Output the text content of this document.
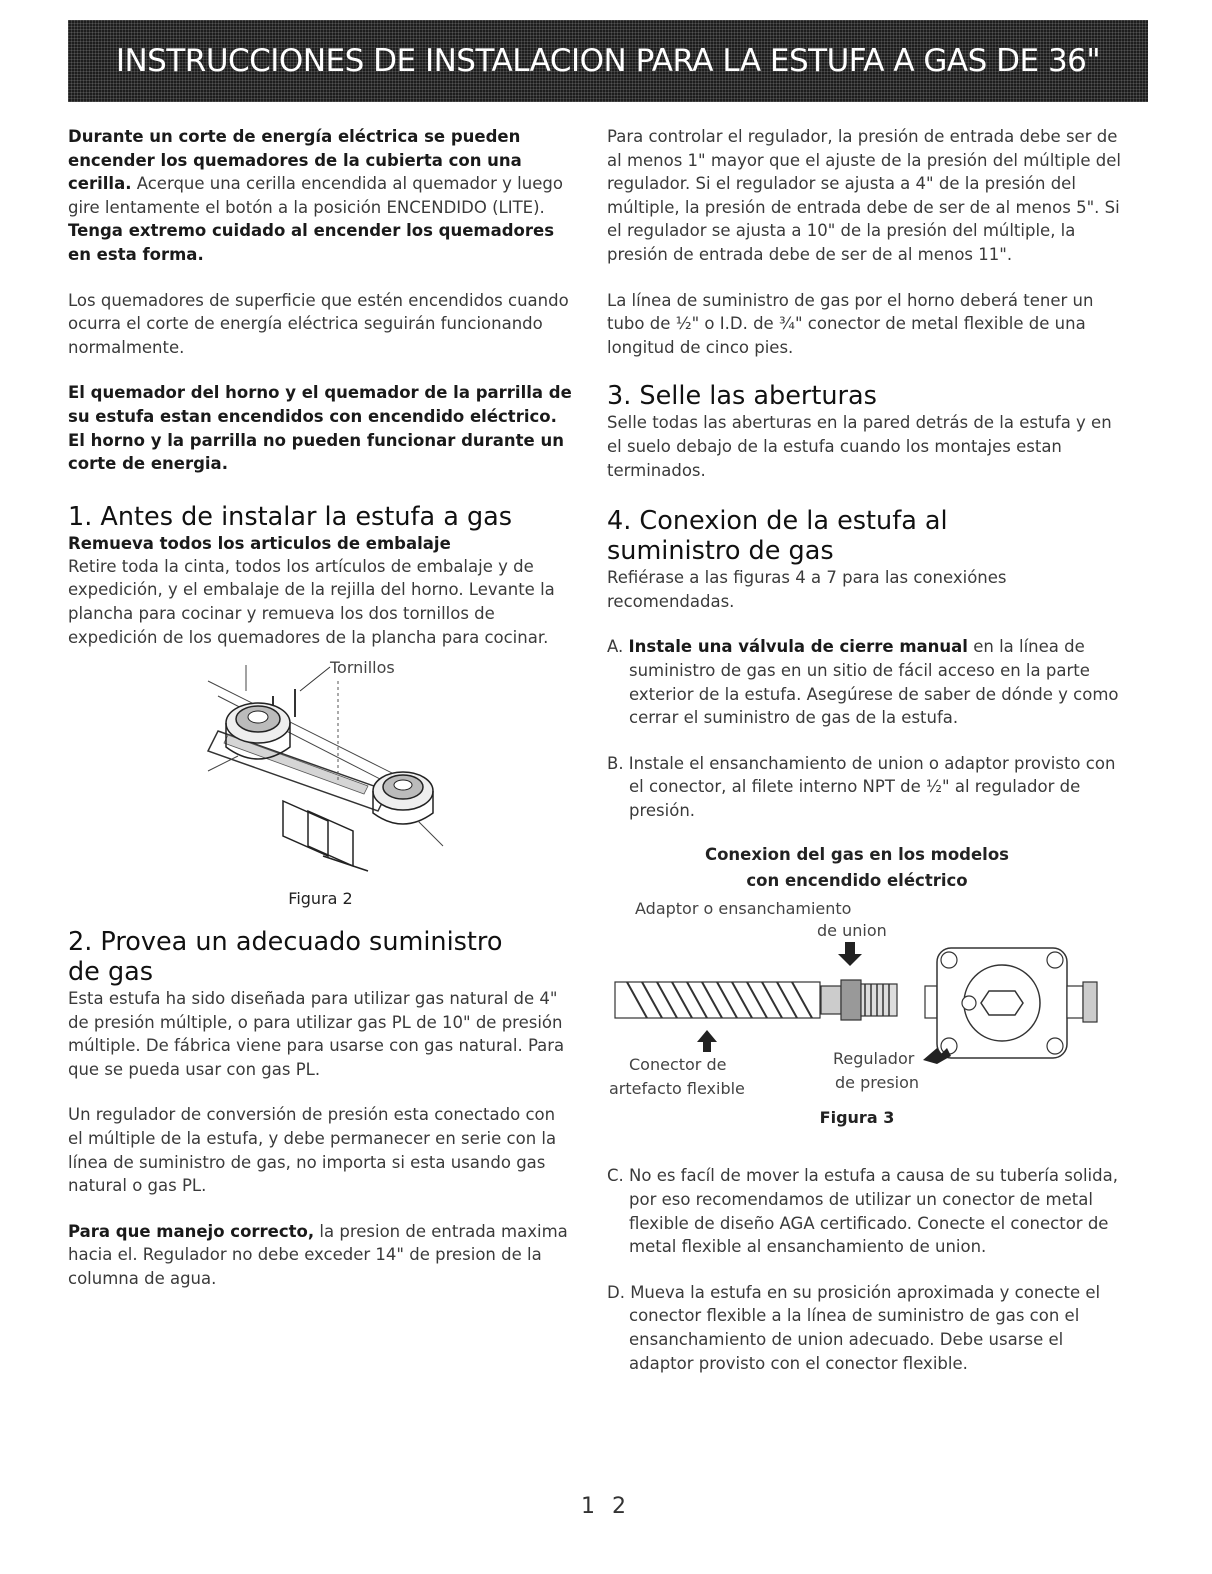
INSTRUCCIONES DE INSTALACION PARA LA ESTUFA A GAS DE 36"

Durante un corte de energía eléctrica se pueden encender los quemadores de la cubierta con una cerilla. Acerque una cerilla encendida al quemador y luego gire lentamente el botón a la posición ENCENDIDO (LITE). Tenga extremo cuidado al encender los quemadores en esta forma.

Los quemadores de superficie que estén encendidos cuando ocurra el corte de energía eléctrica seguirán funcionando normalmente.

El quemador del horno y el quemador de la parrilla de su estufa estan encendidos con encendido eléctrico. El horno y la parrilla no pueden funcionar durante un corte de energia.

1. Antes de instalar la estufa a gas
Remueva todos los articulos de embalaje

Retire toda la cinta, todos los artículos de embalaje y de expedición, y el embalaje de la rejilla del horno. Levante la plancha para cocinar y remueva los dos tornillos de expedición de los quemadores de la plancha para cocinar.

Tornillos
Figura 2
2. Provea un adecuado suministro
de gas

Esta estufa ha sido diseñada para utilizar gas natural de 4" de presión múltiple, o para utilizar gas PL de 10" de presión múltiple. De fábrica viene para usarse con gas natural. Para que se pueda usar con gas PL.

Un regulador de conversión de presión esta conectado con el múltiple de la estufa, y debe permanecer en serie con la línea de suministro de gas, no importa si esta usando gas natural o gas PL.

Para que manejo correcto, la presion de entrada maxima hacia el. Regulador no debe exceder 14" de presion de la columna de agua.

Para controlar el regulador, la presión de entrada debe ser de al menos 1" mayor que el ajuste de la presión del múltiple del regulador. Si el regulador se ajusta a 4" de la presión del múltiple, la presión de entrada debe de ser de al menos 5". Si el regulador se ajusta a 10" de la presión del múltiple, la presión de entrada debe de ser de al menos 11".

La línea de suministro de gas por el horno deberá tener un tubo de ½" o I.D. de ¾" conector de metal flexible de una longitud de cinco pies.

3. Selle las aberturas

Selle todas las aberturas en la pared detrás de la estufa y en el suelo debajo de la estufa cuando los montajes estan terminados.

4. Conexion de la estufa al
suministro de gas

Refiérase a las figuras 4 a 7 para las conexiónes recomendadas.

A. Instale una válvula de cierre manual en la línea de suministro de gas en un sitio de fácil acceso en la parte exterior de la estufa. Asegúrese de saber de dónde y como cerrar el suministro de gas de la estufa.

B. Instale el ensanchamiento de union o adaptor provisto con el conector, al filete interno NPT de ½" al regulador de presión.

Conexion del gas en los modelos
con encendido eléctrico
Adaptor o ensanchamiento
de union
Conector de
artefacto flexible
Regulador
de presion
Figura 3

C. No es facíl de mover la estufa a causa de su tubería solida, por eso recomendamos de utilizar un conector de metal flexible de diseño AGA certificado. Conecte el conector de metal flexible al ensanchamiento de union.

D. Mueva la estufa en su prosición aproximada y conecte el conector flexible a la línea de suministro de gas con el ensanchamiento de union adecuado. Debe usarse el adaptor provisto con el conector flexible.

1 2
